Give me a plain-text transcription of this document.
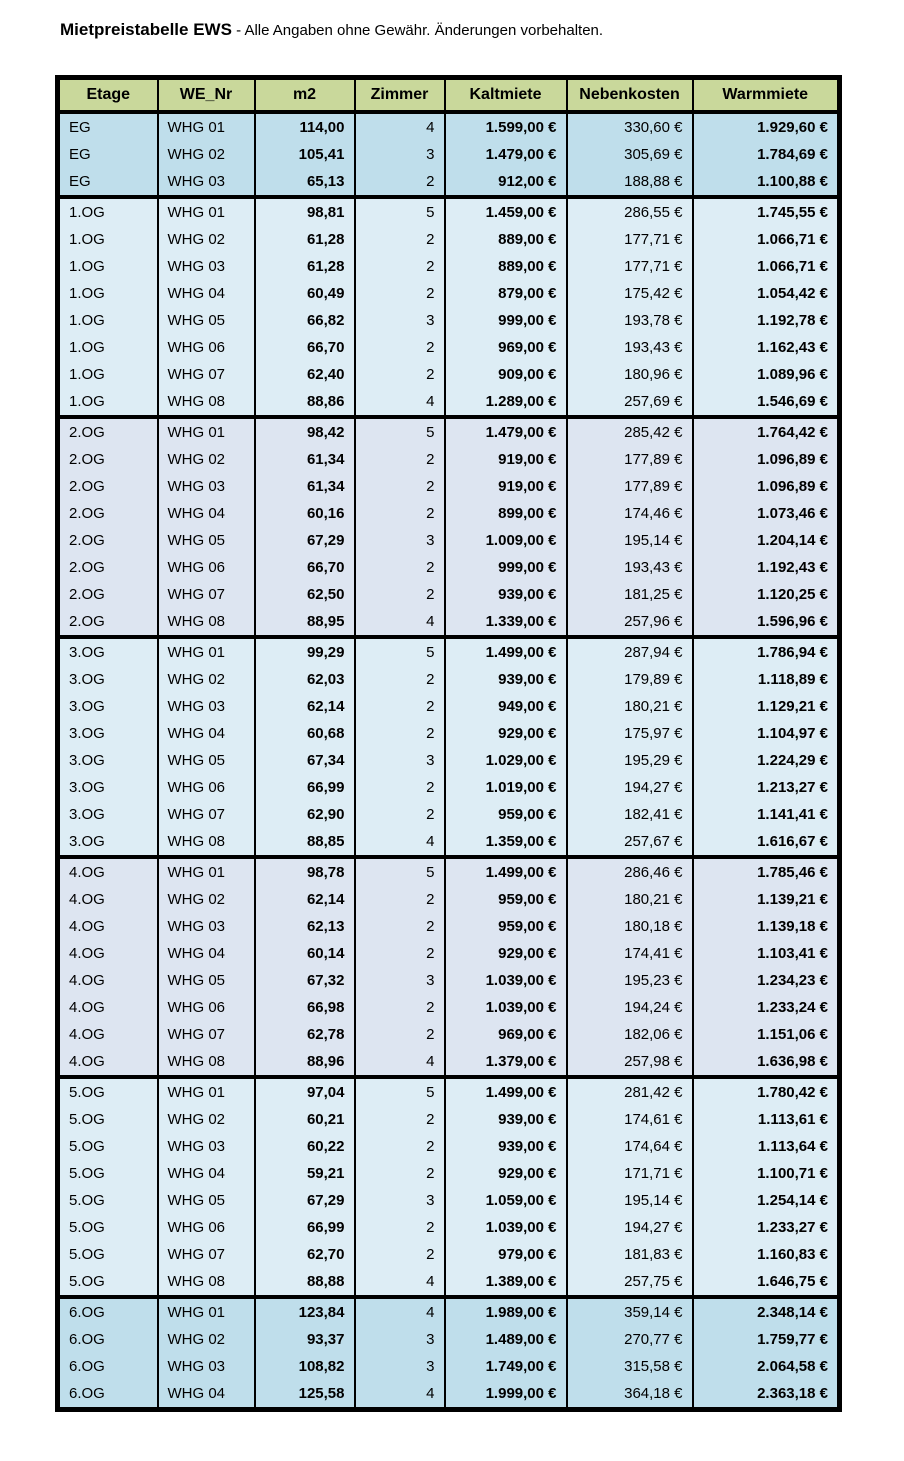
Mietpreistabelle EWS - Alle Angaben ohne Gewähr. Änderungen vorbehalten.
Etage	WE_Nr	m2	Zimmer	Kaltmiete	Nebenkosten	Warmmiete
EG	WHG 01	114,00	4	1.599,00 €	330,60 €	1.929,60 €
EG	WHG 02	105,41	3	1.479,00 €	305,69 €	1.784,69 €
EG	WHG 03	65,13	2	912,00 €	188,88 €	1.100,88 €
1.OG	WHG 01	98,81	5	1.459,00 €	286,55 €	1.745,55 €
1.OG	WHG 02	61,28	2	889,00 €	177,71 €	1.066,71 €
1.OG	WHG 03	61,28	2	889,00 €	177,71 €	1.066,71 €
1.OG	WHG 04	60,49	2	879,00 €	175,42 €	1.054,42 €
1.OG	WHG 05	66,82	3	999,00 €	193,78 €	1.192,78 €
1.OG	WHG 06	66,70	2	969,00 €	193,43 €	1.162,43 €
1.OG	WHG 07	62,40	2	909,00 €	180,96 €	1.089,96 €
1.OG	WHG 08	88,86	4	1.289,00 €	257,69 €	1.546,69 €
2.OG	WHG 01	98,42	5	1.479,00 €	285,42 €	1.764,42 €
2.OG	WHG 02	61,34	2	919,00 €	177,89 €	1.096,89 €
2.OG	WHG 03	61,34	2	919,00 €	177,89 €	1.096,89 €
2.OG	WHG 04	60,16	2	899,00 €	174,46 €	1.073,46 €
2.OG	WHG 05	67,29	3	1.009,00 €	195,14 €	1.204,14 €
2.OG	WHG 06	66,70	2	999,00 €	193,43 €	1.192,43 €
2.OG	WHG 07	62,50	2	939,00 €	181,25 €	1.120,25 €
2.OG	WHG 08	88,95	4	1.339,00 €	257,96 €	1.596,96 €
3.OG	WHG 01	99,29	5	1.499,00 €	287,94 €	1.786,94 €
3.OG	WHG 02	62,03	2	939,00 €	179,89 €	1.118,89 €
3.OG	WHG 03	62,14	2	949,00 €	180,21 €	1.129,21 €
3.OG	WHG 04	60,68	2	929,00 €	175,97 €	1.104,97 €
3.OG	WHG 05	67,34	3	1.029,00 €	195,29 €	1.224,29 €
3.OG	WHG 06	66,99	2	1.019,00 €	194,27 €	1.213,27 €
3.OG	WHG 07	62,90	2	959,00 €	182,41 €	1.141,41 €
3.OG	WHG 08	88,85	4	1.359,00 €	257,67 €	1.616,67 €
4.OG	WHG 01	98,78	5	1.499,00 €	286,46 €	1.785,46 €
4.OG	WHG 02	62,14	2	959,00 €	180,21 €	1.139,21 €
4.OG	WHG 03	62,13	2	959,00 €	180,18 €	1.139,18 €
4.OG	WHG 04	60,14	2	929,00 €	174,41 €	1.103,41 €
4.OG	WHG 05	67,32	3	1.039,00 €	195,23 €	1.234,23 €
4.OG	WHG 06	66,98	2	1.039,00 €	194,24 €	1.233,24 €
4.OG	WHG 07	62,78	2	969,00 €	182,06 €	1.151,06 €
4.OG	WHG 08	88,96	4	1.379,00 €	257,98 €	1.636,98 €
5.OG	WHG 01	97,04	5	1.499,00 €	281,42 €	1.780,42 €
5.OG	WHG 02	60,21	2	939,00 €	174,61 €	1.113,61 €
5.OG	WHG 03	60,22	2	939,00 €	174,64 €	1.113,64 €
5.OG	WHG 04	59,21	2	929,00 €	171,71 €	1.100,71 €
5.OG	WHG 05	67,29	3	1.059,00 €	195,14 €	1.254,14 €
5.OG	WHG 06	66,99	2	1.039,00 €	194,27 €	1.233,27 €
5.OG	WHG 07	62,70	2	979,00 €	181,83 €	1.160,83 €
5.OG	WHG 08	88,88	4	1.389,00 €	257,75 €	1.646,75 €
6.OG	WHG 01	123,84	4	1.989,00 €	359,14 €	2.348,14 €
6.OG	WHG 02	93,37	3	1.489,00 €	270,77 €	1.759,77 €
6.OG	WHG 03	108,82	3	1.749,00 €	315,58 €	2.064,58 €
6.OG	WHG 04	125,58	4	1.999,00 €	364,18 €	2.363,18 €
